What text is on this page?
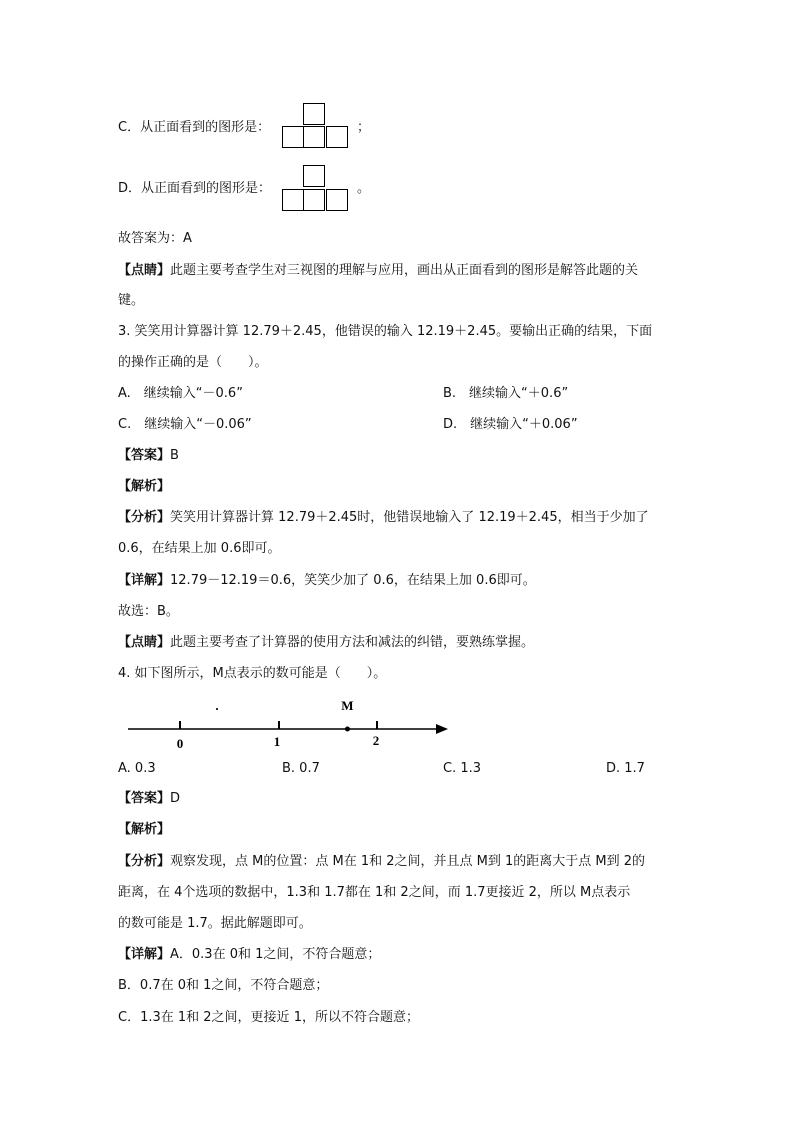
C．从正面看到的图形是：	；
D．从正面看到的图形是：	。
故答案为：A
【点睛】此题主要考查学生对三视图的理解与应用，画出从正面看到的图形是解答此题的关
键。
3. 笑笑用计算器计算 12.79＋2.45，他错误的输入 12.19＋2.45。要输出正确的结果，下面
的操作正确的是（　　）。
A.　继续输入“－0.6”	B.　继续输入“＋0.6”
C.　继续输入“－0.06”	D.　继续输入“＋0.06”
【答案】B
【解析】
【分析】笑笑用计算器计算 12.79＋2.45时，他错误地输入了 12.19＋2.45，相当于少加了
0.6，在结果上加 0.6即可。
【详解】12.79－12.19＝0.6，笑笑少加了 0.6，在结果上加 0.6即可。
故选：B。
【点睛】此题主要考查了计算器的使用方法和减法的纠错，要熟练掌握。
4. 如下图所示，M点表示的数可能是（　　）。
0	1	2
M
.
A. 0.3	B. 0.7	C. 1.3	D. 1.7
【答案】D
【解析】
【分析】观察发现，点 M的位置：点 M在 1和 2之间，并且点 M到 1的距离大于点 M到 2的
距离，在 4个选项的数据中，1.3和 1.7都在 1和 2之间，而 1.7更接近 2，所以 M点表示
的数可能是 1.7。据此解题即可。
【详解】A．0.3在 0和 1之间，不符合题意；
B．0.7在 0和 1之间，不符合题意；
C．1.3在 1和 2之间，更接近 1，所以不符合题意；
